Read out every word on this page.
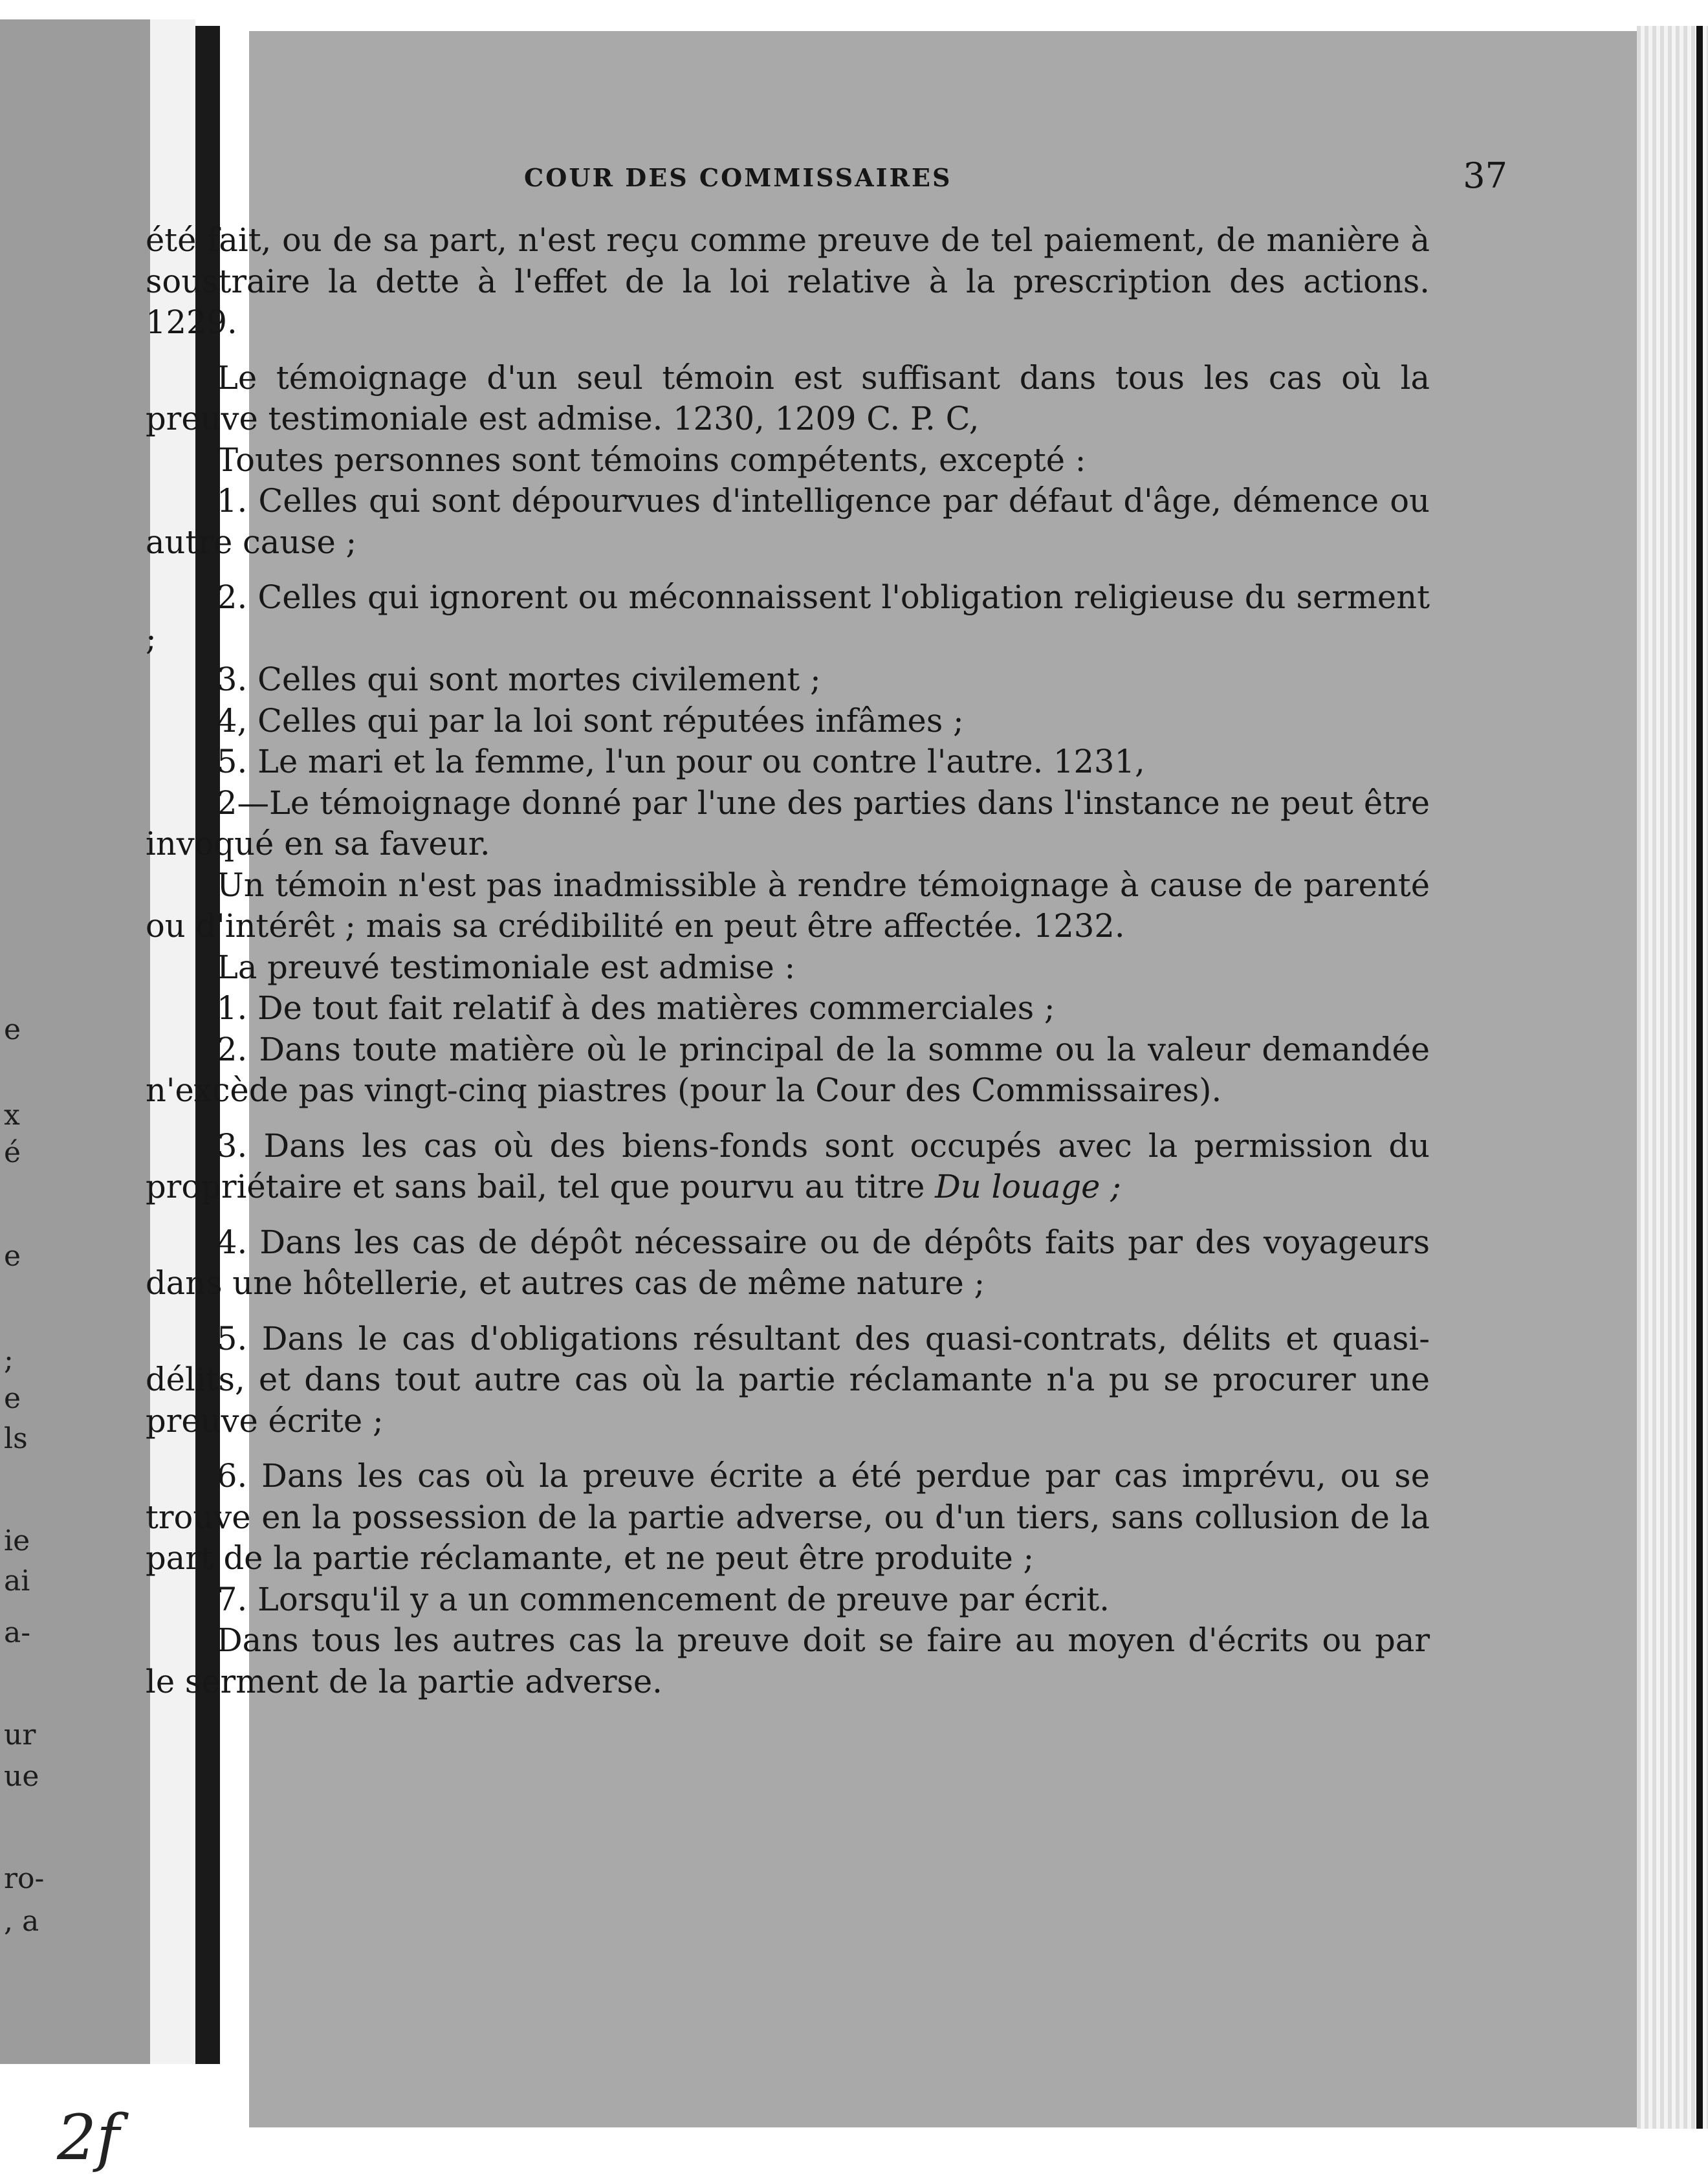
e
x
é
e
;
e
ls
ie
ai
a-
ur
ue
ro-
, a
COUR DES COMMISSAIRES	37

été fait, ou de sa part, n'est reçu comme preuve de tel paiement, de manière à soustraire la dette à l'effet de la loi relative à la prescription des actions. 1229.

Le témoignage d'un seul témoin est suffisant dans tous les cas où la preuve testimoniale est admise. 1230, 1209 C. P. C,

Toutes personnes sont témoins compétents, excepté :

1. Celles qui sont dépourvues d'intelligence par défaut d'âge, démence ou autre cause ;

2. Celles qui ignorent ou méconnaissent l'obligation religieuse du serment ;

3. Celles qui sont mortes civilement ;

4, Celles qui par la loi sont réputées infâmes ;

5. Le mari et la femme, l'un pour ou contre l'autre. 1231,

2—Le témoignage donné par l'une des parties dans l'instance ne peut être invoqué en sa faveur.

Un témoin n'est pas inadmissible à rendre témoignage à cause de parenté ou d'intérêt ; mais sa crédibilité en peut être affectée. 1232.

La preuvé testimoniale est admise :

1. De tout fait relatif à des matières commerciales ;

2. Dans toute matière où le principal de la somme ou la valeur demandée n'excède pas vingt-cinq piastres (pour la Cour des Commissaires).

3. Dans les cas où des biens-fonds sont occupés avec la permission du propriétaire et sans bail, tel que pourvu au titre Du louage ;

4. Dans les cas de dépôt nécessaire ou de dépôts faits par des voyageurs dans une hôtellerie, et autres cas de même nature ;

5. Dans le cas d'obligations résultant des quasi-contrats, délits et quasi-délits, et dans tout autre cas où la partie réclamante n'a pu se procurer une preuve écrite ;

6. Dans les cas où la preuve écrite a été perdue par cas imprévu, ou se trouve en la possession de la partie adverse, ou d'un tiers, sans collusion de la part de la partie réclamante, et ne peut être produite ;

7. Lorsqu'il y a un commencement de preuve par écrit.

Dans tous les autres cas la preuve doit se faire au moyen d'écrits ou par le serment de la partie adverse.

2f
